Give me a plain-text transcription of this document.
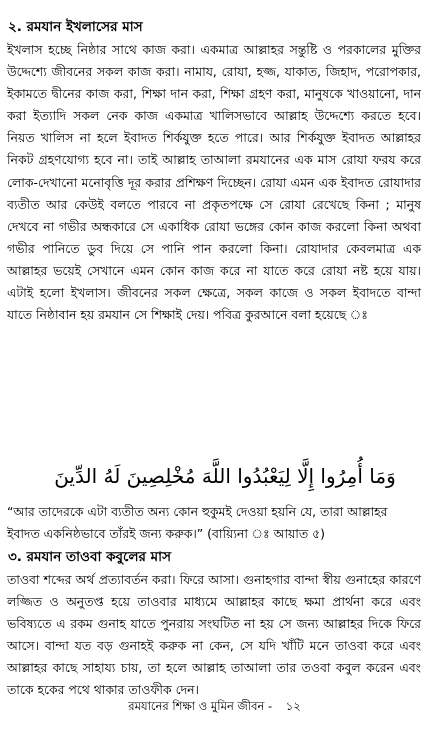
২. রমযান ইখলাসের মাস

ইখলাস হচ্ছে নিষ্ঠার সাথে কাজ করা। একমাত্র আল্লাহর সন্তুষ্টি ও পরকালের মুক্তির উদ্দেশ্যে জীবনের সকল কাজ করা। নামায, রোযা, হজ্জ, যাকাত, জিহাদ, পরোপকার, ইকামতে দ্বীনের কাজ করা, শিক্ষা দান করা, শিক্ষা গ্রহণ করা, মানুষকে খাওয়ানো, দান করা ইত্যাদি সকল নেক কাজ একমাত্র খালিসভাবে আল্লাহ উদ্দেশ্যে করতে হবে। নিয়ত খালিস না হলে ইবাদত শির্কযুক্ত হতে পারে। আর শির্কযুক্ত ইবাদত আল্লাহর নিকট গ্রহণযোগ্য হবে না। তাই আল্লাহ তাআলা রমযানের এক মাস রোযা ফরয করে লোক-দেখানো মনোবৃত্তি দূর করার প্রশিক্ষণ দিচ্ছেন। রোযা এমন এক ইবাদত রোযাদার ব্যতীত আর কেউই বলতে পারবে না প্রকৃতপক্ষে সে রোযা রেখেছে কিনা ; মানুষ দেখবে না গভীর অন্ধকারে সে একাধিক রোযা ভঙ্গের কোন কাজ করলো কিনা অথবা গভীর পানিতে ডুব দিয়ে সে পানি পান করলো কিনা। রোযাদার কেবলমাত্র এক আল্লাহর ভয়েই সেখানে এমন কোন কাজ করে না যাতে করে রোযা নষ্ট হয়ে যায়। এটাই হলো ইখলাস। জীবনের সকল ক্ষেত্রে, সকল কাজে ও সকল ইবাদতে বান্দা যাতে নিষ্ঠাবান হয় রমযান সে শিক্ষাই দেয়। পবিত্র কুরআনে বলা হয়েছে ঃ

وَمَا أُمِرُوا إِلَّا لِيَعْبُدُوا اللَّهَ مُخْلِصِينَ لَهُ الدِّينَ

“আর তাদেরকে এটা ব্যতীত অন্য কোন হুকুমই দেওয়া হয়নি যে, তারা আল্লাহর ইবাদত একনিষ্ঠভাবে তাঁরই জন্য করুক।” (বায়্যিনা ঃ আয়াত ৫)

৩. রমযান তাওবা কবুলের মাস

তাওবা শব্দের অর্থ প্রত্যাবর্তন করা। ফিরে আসা। গুনাহগার বান্দা স্বীয় গুনাহের কারণে লজ্জিত ও অনুতপ্ত হয়ে তাওবার মাধ্যমে আল্লাহর কাছে ক্ষমা প্রার্থনা করে এবং ভবিষ্যতে এ রকম গুনাহ যাতে পুনরায় সংঘটিত না হয় সে জন্য আল্লাহর দিকে ফিরে আসে। বান্দা যত বড় গুনাহই করুক না কেন, সে যদি খাঁটি মনে তাওবা করে এবং আল্লাহর কাছে সাহায্য চায়, তা হলে আল্লাহ তাআলা তার তওবা কবুল করেন এবং তাকে হকের পথে থাকার তাওফীক দেন।

রমযানের শিক্ষা ও মুমিন জীবন - ১২
